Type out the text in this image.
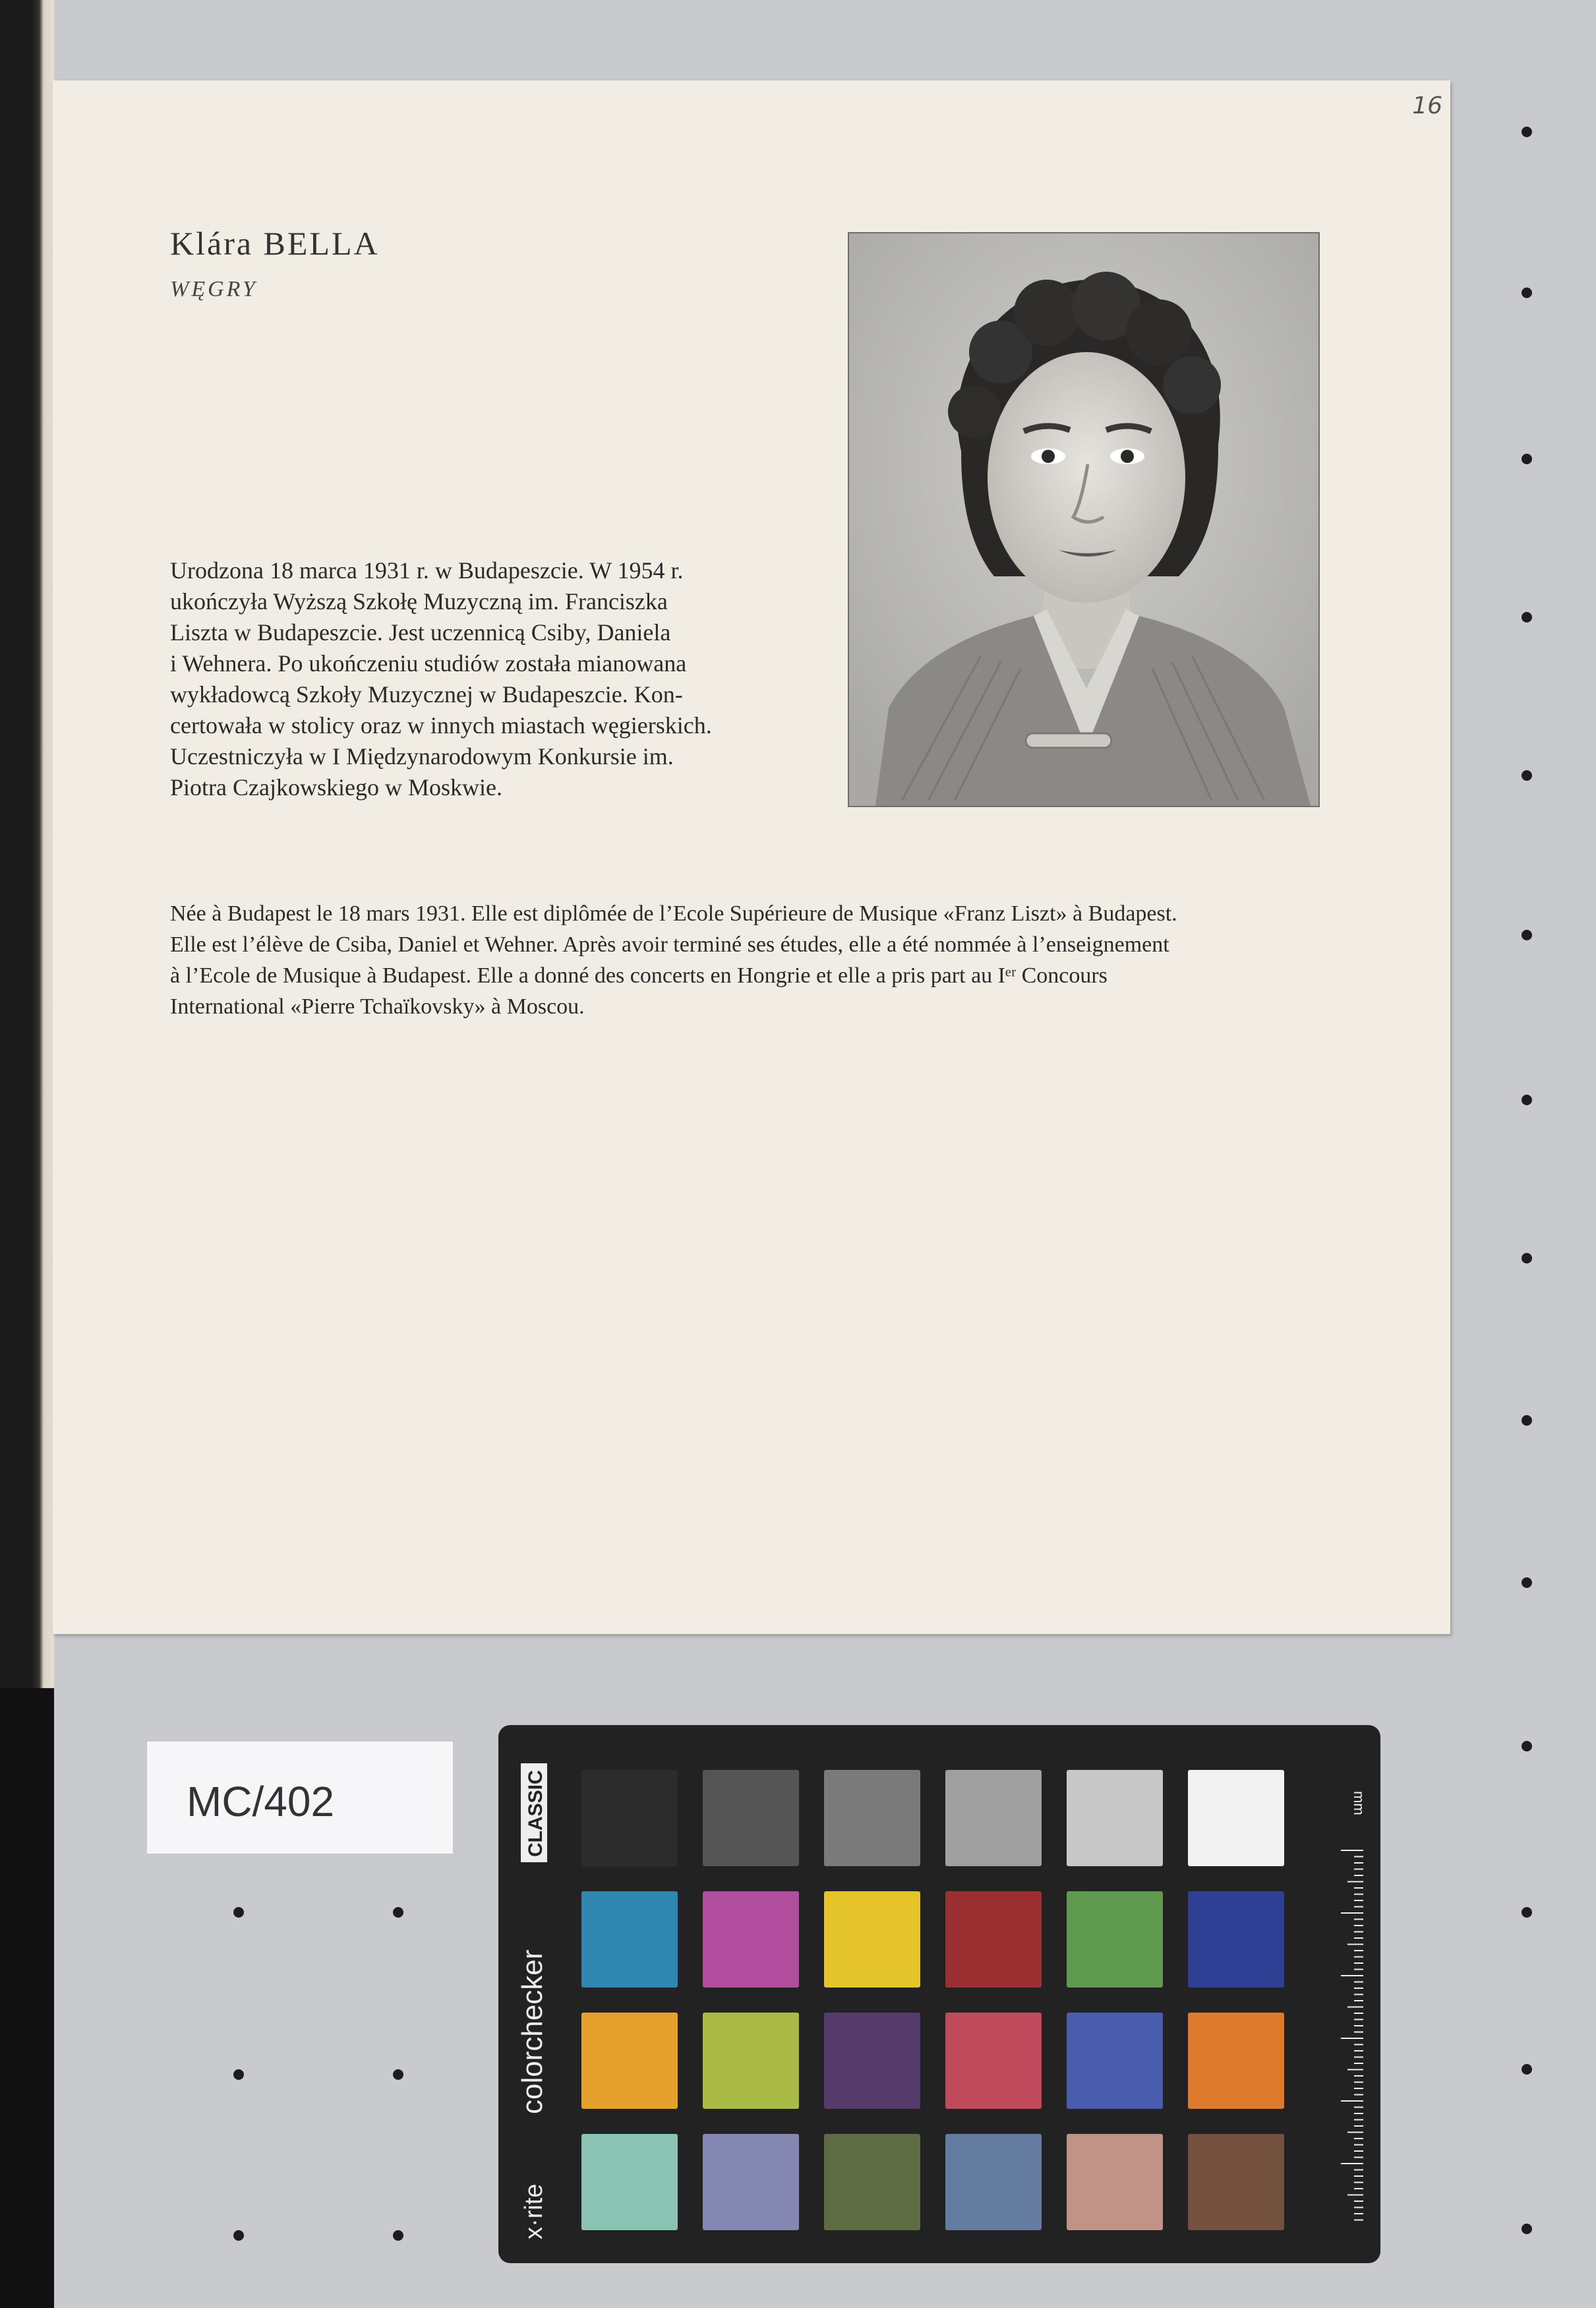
16
Klára BELLA
WĘGRY

Urodzona 18 marca 1931 r. w Budapeszcie. W 1954 r.

ukończyła Wyższą Szkołę Muzyczną im. Franciszka

Liszta w Budapeszcie. Jest uczennicą Csiby, Daniela

i Wehnera. Po ukończeniu studiów została mianowana

wykładowcą Szkoły Muzycznej w Budapeszcie. Kon-

certowała w stolicy oraz w innych miastach węgierskich.

Uczestniczyła w I Międzynarodowym Konkursie im.

Piotra Czajkowskiego w Moskwie.

Née à Budapest le 18 mars 1931. Elle est diplômée de l’Ecole Supérieure de Musique «Franz Liszt» à Budapest.

Elle est l’élève de Csiba, Daniel et Wehner. Après avoir terminé ses études, elle a été nommée à l’enseignement

à l’Ecole de Musique à Budapest. Elle a donné des concerts en Hongrie et elle a pris part au Iᵉʳ Concours

International «Pierre Tchaïkovsky» à Moscou.

MC/402
colorchecker
CLASSIC
x·rite
mm
